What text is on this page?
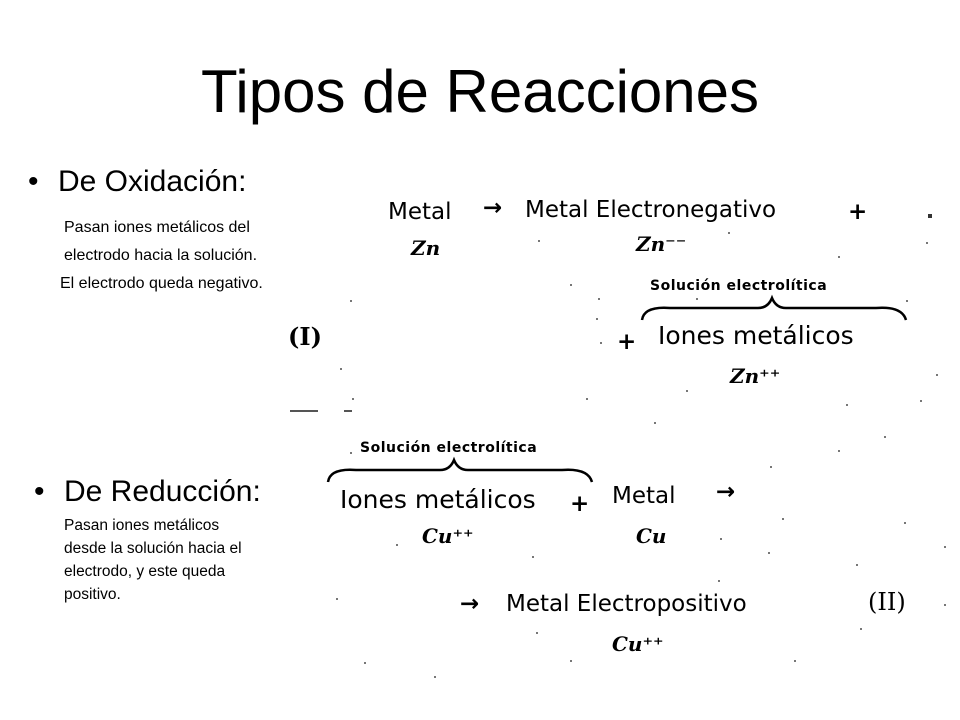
Tipos de Reacciones
• De Oxidación:
Pasan iones metálicos del
electrodo hacia la solución.
El electrodo queda negativo.
• De Reducción:
Pasan iones metálicos
desde la solución hacia el
electrodo, y este queda
positivo.
Metal → Metal Electronegativo	+
Zn	Zn⁻⁻
Solución electrolítica
+ Iones metálicos
Zn⁺⁺
(I)
Solución electrolítica
Iones metálicos + Metal →
Cu⁺⁺	Cu
→ Metal Electropositivo	(II)
Cu⁺⁺
